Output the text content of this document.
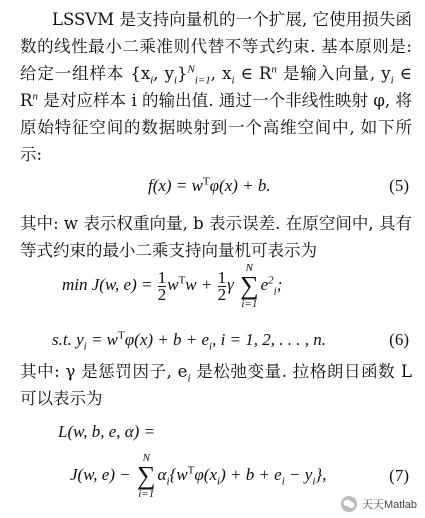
LSSVM 是支持向量机的一个扩展, 它使用损失函数的线性最小二乘准则代替不等式约束. 基本原则是: 给定一组样本 {$x_i$, $y_i\}^N_{i=1}$, $x_i$ ∈ $R^n$ 是输入向量, $y_i$ ∈ $R^n$ 是对应样本 i 的输出值. 通过一个非线性映射 φ, 将原始特征空间的数据映射到一个高维空间中, 如下所示:
$f(x) = w^T\varphi(x) + b$.	(5)
其中: w 表示权重向量, b 表示误差. 在原空间中, 具有等式约束的最小二乘支持向量机可表示为
min J(w, $e) = \frac{1}{2} w^Tw + \frac{1}{2}$ γ
N
∑
i=1
$e^2_i$;
s.t. $y_i = w^T\varphi(x) + b + e_i$, i = 1, 2, . . . , n.	(6)
其中: γ 是惩罚因子, $e_i$ 是松弛变量. 拉格朗日函数 L 可以表示为
L(w, b, e, α) =
J(w, e) −
N
∑
i=1
$\alpha_i\{w^T\varphi(x_i) + b + e_i - y_i\}$,	(7)
天天Matlab
